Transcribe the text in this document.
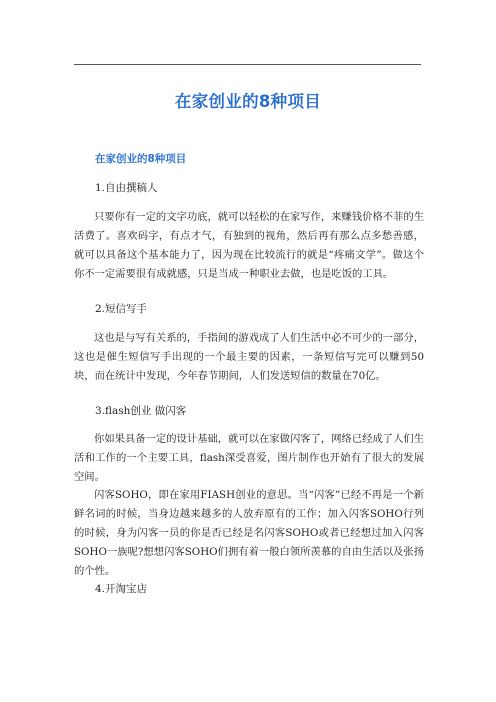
在家创业的8种项目
在家创业的8种项目
1.自由撰稿人

只要你有一定的文字功底，就可以轻松的在家写作，来赚钱价格不菲的生活费了。喜欢码字，有点才气，有独到的视角，然后再有那么点多愁善感，就可以具备这个基本能力了，因为现在比较流行的就是“疼痛文学”。做这个你不一定需要很有成就感，只是当成一种职业去做，也是吃饭的工具。

2.短信写手

这也是与写有关系的，手指间的游戏成了人们生活中必不可少的一部分，这也是催生短信写手出现的一个最主要的因素，一条短信写完可以赚到50块，而在统计中发现，今年春节期间，人们发送短信的数量在70亿。

3.flash创业 做闪客

你如果具备一定的设计基础，就可以在家做闪客了，网络已经成了人们生活和工作的一个主要工具，flash深受喜爱，图片制作也开始有了很大的发展空间。

闪客SOHO，即在家用FIASH创业的意思。当“闪客”已经不再是一个新鲜名词的时候，当身边越来越多的人放弃原有的工作；加入闪客SOHO行列的时候，身为闪客一员的你是否已经是名闪客SOHO或者已经想过加入闪客SOHO一族呢?想想闪客SOHO们拥有着一般白领所羡慕的自由生活以及张扬的个性。

4.开淘宝店
